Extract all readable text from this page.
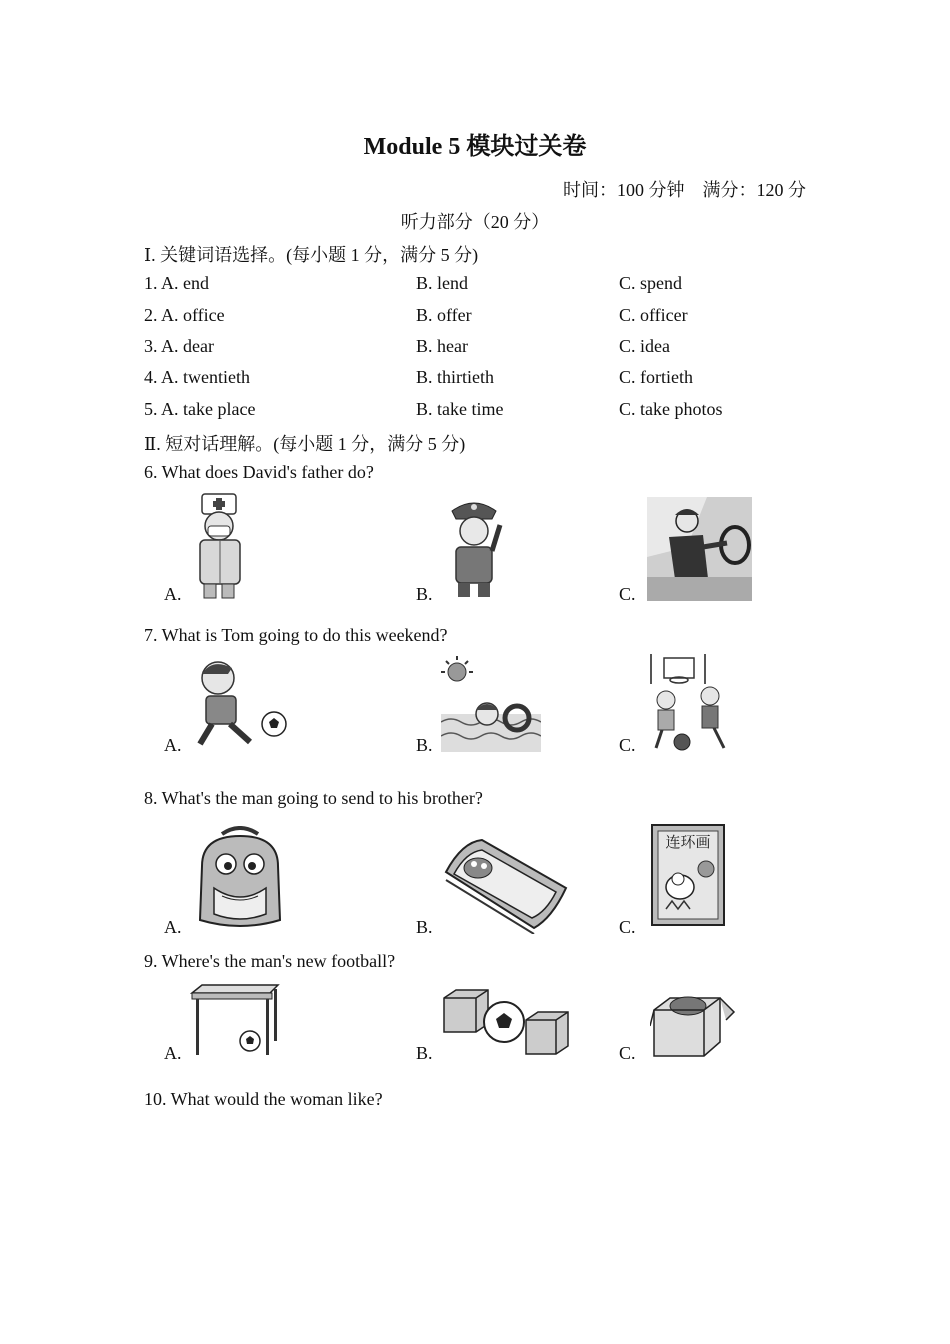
Module 5 模块过关卷
时间：100 分钟 满分：120 分
听力部分（20 分）
Ⅰ. 关键词语选择。(每小题 1 分，满分 5 分)
1. A. end	B. lend	C. spend
2. A. office	B. offer	C. officer
3. A. dear	B. hear	C. idea
4. A. twentieth	B. thirtieth	C. fortieth
5. A. take place	B. take time	C. take photos
Ⅱ. 短对话理解。(每小题 1 分，满分 5 分)
6. What does David's father do?
A.	B.	C.
7. What is Tom going to do this weekend?
A.	B.	C.
8. What's the man going to send to his brother?
A.	B.	C.
连环画
9. Where's the man's new football?
A.	B.	C.
10. What would the woman like?
